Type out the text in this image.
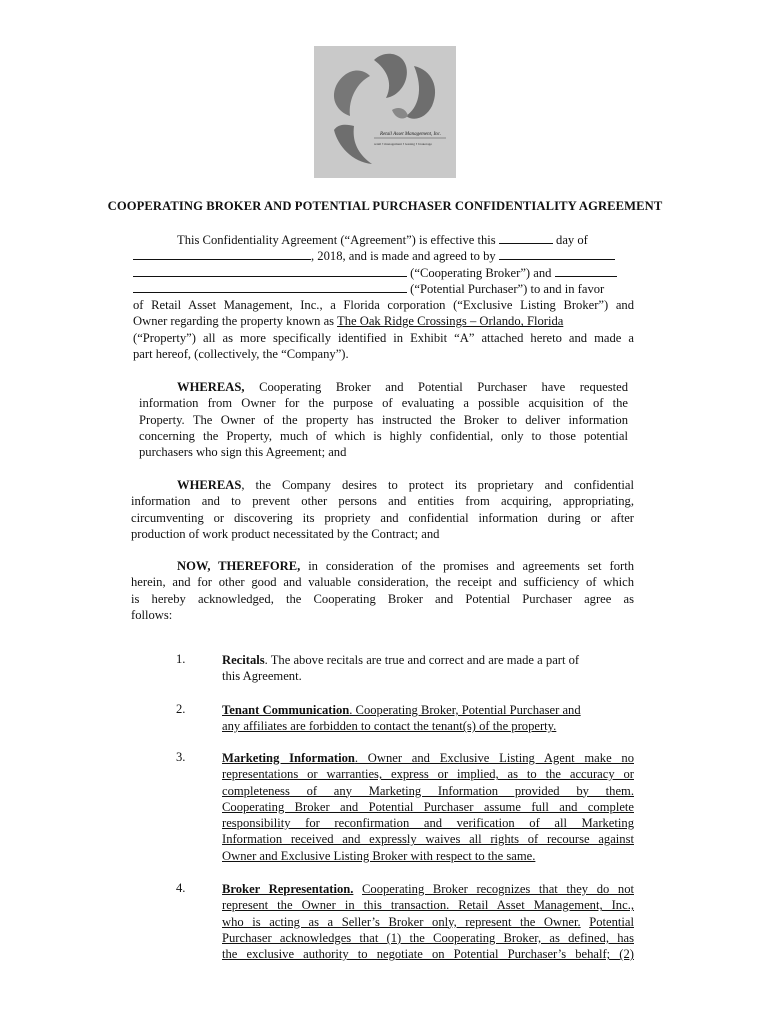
Retail Asset Management, Inc.
retail ▪ management ▪ leasing ▪ brokerage
COOPERATING BROKER AND POTENTIAL PURCHASER CONFIDENTIALITY AGREEMENT
This Confidentiality Agreement (“Agreement”) is effective this	day of
, 2018, and is made and agreed to by
(“Cooperating Broker”) and
(“Potential Purchaser”) to and in favor
of Retail Asset Management, Inc., a Florida corporation (“Exclusive Listing Broker”) and
Owner regarding the property known as The Oak Ridge Crossings – Orlando, Florida
(“Property”) all as more specifically identified in Exhibit “A” attached hereto and made a
part hereof, (collectively, the “Company”).
WHEREAS, Cooperating Broker and Potential Purchaser have requested
information from Owner for the purpose of evaluating a possible acquisition of the
Property. The Owner of the property has instructed the Broker to deliver information
concerning the Property, much of which is highly confidential, only to those potential
purchasers who sign this Agreement; and
WHEREAS, the Company desires to protect its proprietary and confidential
information and to prevent other persons and entities from acquiring, appropriating,
circumventing or discovering its propriety and confidential information during or after
production of work product necessitated by the Contract; and
NOW, THEREFORE, in consideration of the promises and agreements set forth
herein, and for other good and valuable consideration, the receipt and sufficiency of which
is hereby acknowledged, the Cooperating Broker and Potential Purchaser agree as
follows:
1.	Recitals. The above recitals are true and correct and are made a part of
this Agreement.
2.	Tenant Communication. Cooperating Broker, Potential Purchaser and
any affiliates are forbidden to contact the tenant(s) of the property.
3.	Marketing Information. Owner and Exclusive Listing Agent make no
representations or warranties, express or implied, as to the accuracy or
completeness of any Marketing Information provided by them.
Cooperating Broker and Potential Purchaser assume full and complete
responsibility for reconfirmation and verification of all Marketing
Information received and expressly waives all rights of recourse against
Owner and Exclusive Listing Broker with respect to the same.
4.	Broker Representation. Cooperating Broker recognizes that they do not
represent the Owner in this transaction. Retail Asset Management, Inc.,
who is acting as a Seller’s Broker only, represent the Owner. Potential
Purchaser acknowledges that (1) the Cooperating Broker, as defined, has
the exclusive authority to negotiate on Potential Purchaser’s behalf; (2)
